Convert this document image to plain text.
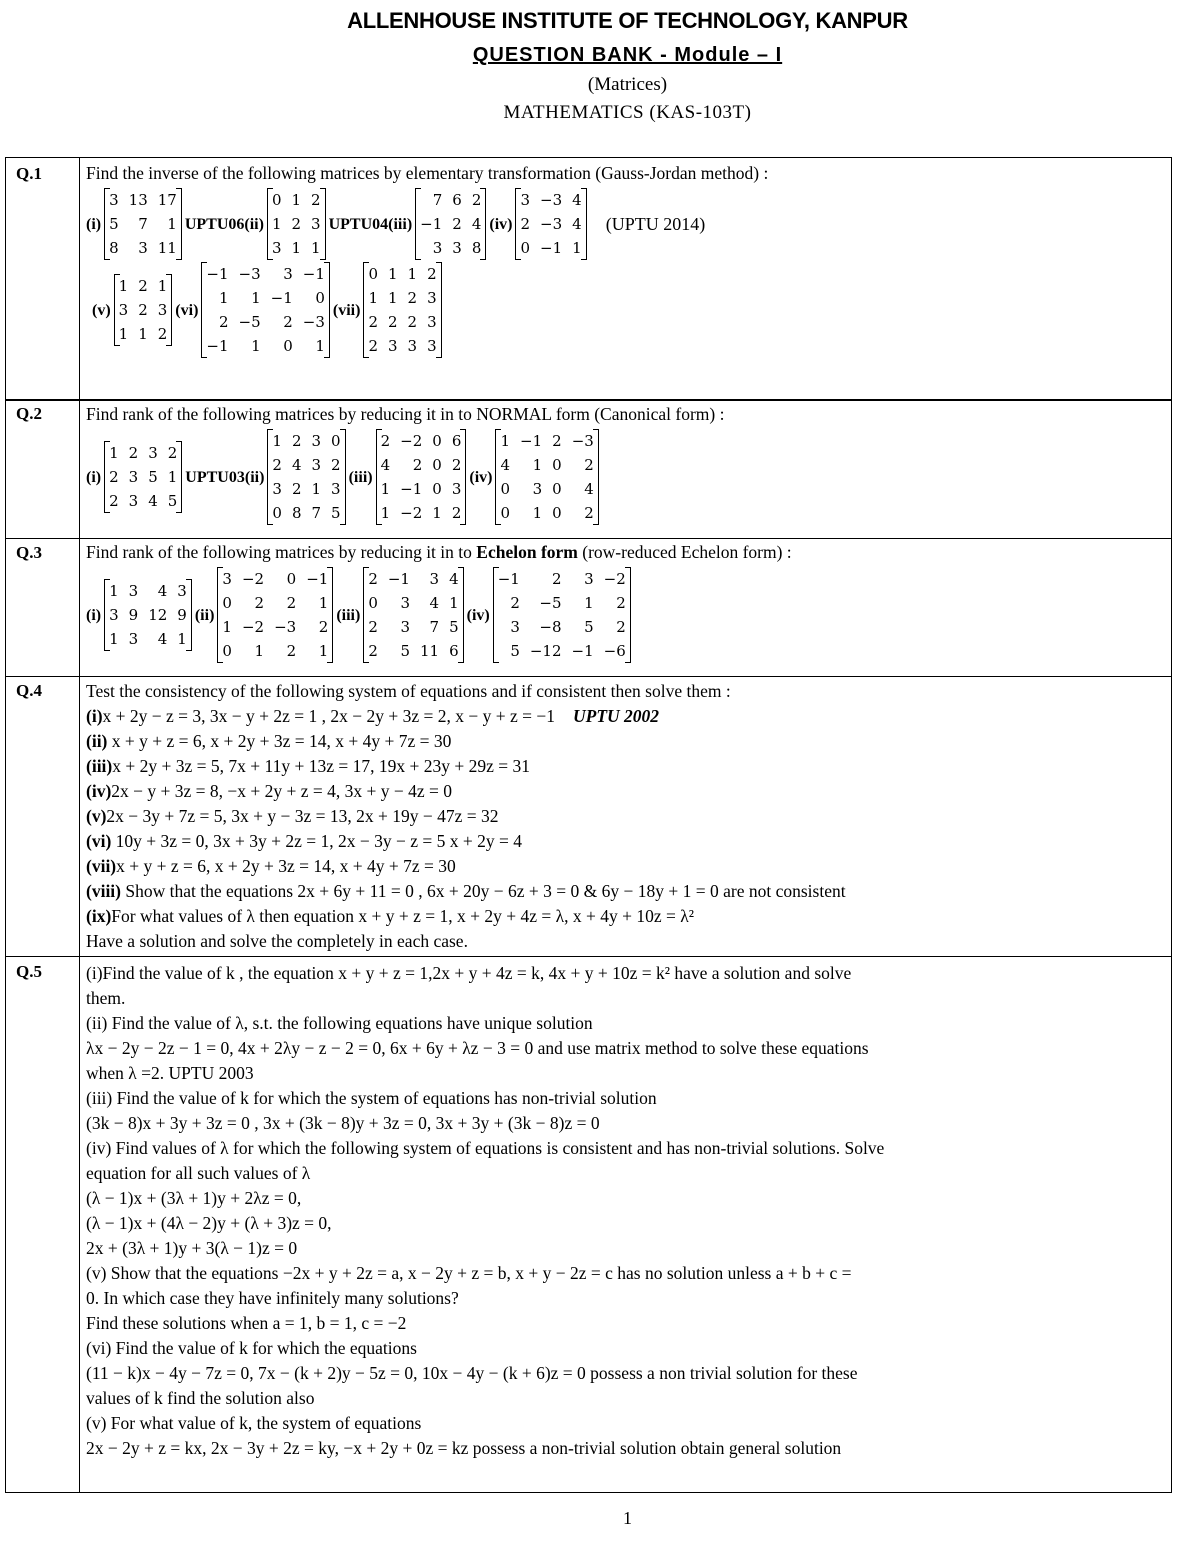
ALLENHOUSE INSTITUTE OF TECHNOLOGY, KANPUR
QUESTION BANK - Module – I
(Matrices)
MATHEMATICS (KAS-103T)
Q.1	Find the inverse of the following matrices by elementary transformation (Gauss-Jordan method) :
(i)
3 13 17
5	7	1
8	3 11
UPTU06 (ii)
0 1 2
1 2 3
3 1 1
UPTU04 (iii)
7 6 2
−1 2 4
3 3 8
(iv)
3 −3 4
2 −3 4
0 −1 1
(UPTU 2014)
(v)
1 2 1
3 2 3
1 1 2
(vi)
−1 −3	3 −1
1	1 −1	0
2 −5	2 −3
−1	1	0	1
(vii)
0 1 1 2
1 1 2 3
2 2 2 3
2 3 3 3
Q.2	Find rank of the following matrices by reducing it in to NORMAL form (Canonical form) :
(i)
1 2 3 2
2 3 5 1
2 3 4 5
UPTU03 (ii)
1 2 3 0
2 4 3 2
3 2 1 3
0 8 7 5
(iii)
2 −2 0 6
4	2 0 2
1 −1 0 3
1 −2 1 2
(iv)
1 −1 2 −3
4	1 0	2
0	3 0	4
0	1 0	2
Q.3	Find rank of the following matrices by reducing it in to Echelon form (row-reduced Echelon form) :
(i)
1 3	4 3
3 9 12 9
1 3	4 1
(ii)
3 −2	0 −1
0	2	2	1
1 −2 −3	2
0	1	2	1
(iii)
2 −1	3 4
0	3	4 1
2	3	7 5
2	5 11 6
(iv)
−1	2	3 −2
2	−5	1	2
3	−8	5	2
5 −12 −1 −6
Q.4	Test the consistency of the following system of equations and if consistent then solve them :
(i)x + 2y − z = 3, 3x − y + 2z = 1 , 2x − 2y + 3z = 2, x − y + z = −1 UPTU 2002
(ii) x + y + z = 6, x + 2y + 3z = 14, x + 4y + 7z = 30
(iii)x + 2y + 3z = 5, 7x + 11y + 13z = 17, 19x + 23y + 29z = 31
(iv)2x − y + 3z = 8, −x + 2y + z = 4, 3x + y − 4z = 0
(v)2x − 3y + 7z = 5, 3x + y − 3z = 13, 2x + 19y − 47z = 32
(vi) 10y + 3z = 0, 3x + 3y + 2z = 1, 2x − 3y − z = 5 x + 2y = 4
(vii)x + y + z = 6, x + 2y + 3z = 14, x + 4y + 7z = 30
(viii) Show that the equations 2x + 6y + 11 = 0 , 6x + 20y − 6z + 3 = 0 & 6y − 18y + 1 = 0 are not consistent
(ix)For what values of λ then equation x + y + z = 1, x + 2y + 4z = λ, x + 4y + 10z = λ²
Have a solution and solve the completely in each case.
Q.5	(i)Find the value of k , the equation x + y + z = 1,2x + y + 4z = k, 4x + y + 10z = k² have a solution and solve
them.
(ii) Find the value of λ, s.t. the following equations have unique solution
λx − 2y − 2z − 1 = 0, 4x + 2λy − z − 2 = 0, 6x + 6y + λz − 3 = 0 and use matrix method to solve these equations
when λ =2. UPTU 2003
(iii) Find the value of k for which the system of equations has non-trivial solution
(3k − 8)x + 3y + 3z = 0 , 3x + (3k − 8)y + 3z = 0, 3x + 3y + (3k − 8)z = 0
(iv) Find values of λ for which the following system of equations is consistent and has non-trivial solutions. Solve
equation for all such values of λ
(λ − 1)x + (3λ + 1)y + 2λz = 0,
(λ − 1)x + (4λ − 2)y + (λ + 3)z = 0,
2x + (3λ + 1)y + 3(λ − 1)z = 0
(v) Show that the equations −2x + y + 2z = a, x − 2y + z = b, x + y − 2z = c has no solution unless a + b + c =
0. In which case they have infinitely many solutions?
Find these solutions when a = 1, b = 1, c = −2
(vi) Find the value of k for which the equations
(11 − k)x − 4y − 7z = 0, 7x − (k + 2)y − 5z = 0, 10x − 4y − (k + 6)z = 0 possess a non trivial solution for these
values of k find the solution also
(v) For what value of k, the system of equations
2x − 2y + z = kx, 2x − 3y + 2z = ky, −x + 2y + 0z = kz possess a non-trivial solution obtain general solution
1
